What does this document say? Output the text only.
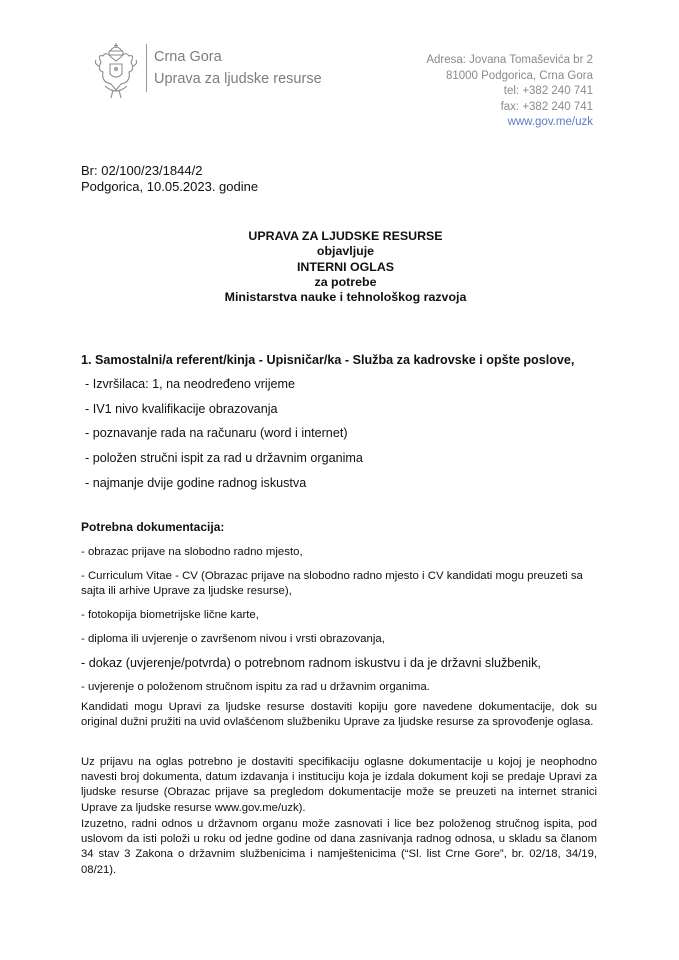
Crna Gora
Uprava za ljudske resurse
Adresa: Jovana Tomaševića br 2
81000 Podgorica, Crna Gora
tel: +382 240 741
fax: +382 240 741
www.gov.me/uzk
Br: 02/100/23/1844/2
Podgorica, 10.05.2023. godine
UPRAVA ZA LJUDSKE RESURSE
objavljuje
INTERNI OGLAS
za potrebe
Ministarstva nauke i tehnološkog razvoja
1. Samostalni/a referent/kinja - Upisničar/ka - Služba za kadrovske i opšte poslove,
- Izvršilaca: 1, na neodređeno vrijeme
- IV1 nivo kvalifikacije obrazovanja
- poznavanje rada na računaru (word i internet)
- položen stručni ispit za rad u državnim organima
- najmanje dvije godine radnog iskustva
Potrebna dokumentacija:
- obrazac prijave na slobodno radno mjesto,
- Curriculum Vitae - CV (Obrazac prijave na slobodno radno mjesto i CV kandidati mogu preuzeti sa sajta ili arhive Uprave za ljudske resurse),
- fotokopija biometrijske lične karte,
- diploma ili uvjerenje o završenom nivou i vrsti obrazovanja,
- dokaz (uvjerenje/potvrda) o potrebnom radnom iskustvu i da je državni službenik,
- uvjerenje o položenom stručnom ispitu za rad u državnim organima.
Kandidati mogu Upravi za ljudske resurse dostaviti kopiju gore navedene dokumentacije, dok su original dužni pružiti na uvid ovlašćenom službeniku Uprave za ljudske resurse za sprovođenje oglasa.
Uz prijavu na oglas potrebno je dostaviti specifikaciju oglasne dokumentacije u kojoj je neophodno navesti broj dokumenta, datum izdavanja i instituciju koja je izdala dokument koji se predaje Upravi za ljudske resurse (Obrazac prijave sa pregledom dokumentacije može se preuzeti na internet stranici Uprave za ljudske resurse www.gov.me/uzk).
Izuzetno, radni odnos u državnom organu može zasnovati i lice bez položenog stručnog ispita, pod uslovom da isti položi u roku od jedne godine od dana zasnivanja radnog odnosa, u skladu sa članom 34 stav 3 Zakona o državnim službenicima i namještenicima (“Sl. list Crne Gore”, br. 02/18, 34/19, 08/21).
